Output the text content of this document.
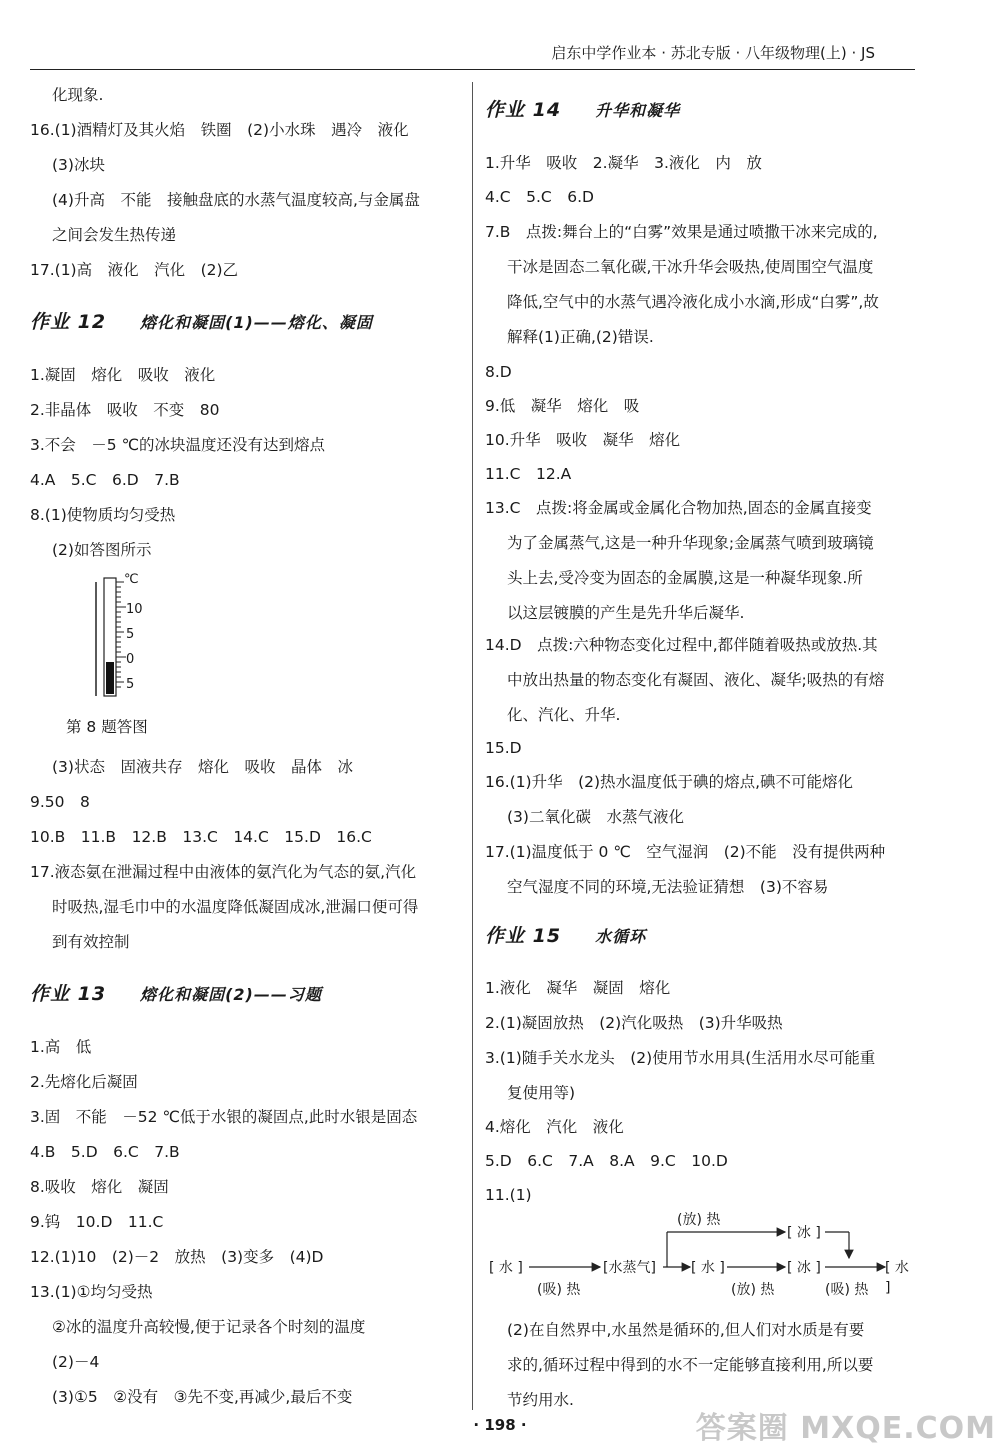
启东中学作业本 · 苏北专版 · 八年级物理(上) · JS
化现象.
16.(1)酒精灯及其火焰　铁圈　(2)小水珠　遇冷　液化
(3)冰块
(4)升高　不能　接触盘底的水蒸气温度较高,与金属盘
之间会发生热传递
17.(1)高　液化　汽化　(2)乙
作业 12　　 熔化和凝固(1)——熔化、凝固
1.凝固　熔化　吸收　液化
2.非晶体　吸收　不变　80
3.不会　－5 ℃的冰块温度还没有达到熔点
4.A　5.C　6.D　7.B
8.(1)使物质均匀受热
(2)如答图所示
℃
10
5
0
5
第 8 题答图
(3)状态　固液共存　熔化　吸收　晶体　冰
9.50　8
10.B　11.B　12.B　13.C　14.C　15.D　16.C
17.液态氨在泄漏过程中由液体的氨汽化为气态的氨,汽化
时吸热,湿毛巾中的水温度降低凝固成冰,泄漏口便可得
到有效控制
作业 13　　 熔化和凝固(2)——习题
1.高　低
2.先熔化后凝固
3.固　不能　－52 ℃低于水银的凝固点,此时水银是固态
4.B　5.D　6.C　7.B
8.吸收　熔化　凝固
9.钨　10.D　11.C
12.(1)10　(2)－2　放热　(3)变多　(4)D
13.(1)①均匀受热
②冰的温度升高较慢,便于记录各个时刻的温度
(2)－4
(3)①5　②没有　③先不变,再减少,最后不变
作业 14　　 升华和凝华
1.升华　吸收　2.凝华　3.液化　内　放
4.C　5.C　6.D
7.B　点拨:舞台上的“白雾”效果是通过喷撒干冰来完成的,
干冰是固态二氧化碳,干冰升华会吸热,使周围空气温度
降低,空气中的水蒸气遇冷液化成小水滴,形成“白雾”,故
解释(1)正确,(2)错误.
8.D
9.低　凝华　熔化　吸
10.升华　吸收　凝华　熔化
11.C　12.A
13.C　点拨:将金属或金属化合物加热,固态的金属直接变
为了金属蒸气,这是一种升华现象;金属蒸气喷到玻璃镜
头上去,受冷变为固态的金属膜,这是一种凝华现象.所
以这层镀膜的产生是先升华后凝华.
14.D　点拨:六种物态变化过程中,都伴随着吸热或放热.其
中放出热量的物态变化有凝固、液化、凝华;吸热的有熔
化、汽化、升华.
15.D
16.(1)升华　(2)热水温度低于碘的熔点,碘不可能熔化
(3)二氧化碳　水蒸气液化
17.(1)温度低于 0 ℃　空气湿润　(2)不能　没有提供两种
空气湿度不同的环境,无法验证猜想　(3)不容易
作业 15　　 水循环
1.液化　凝华　凝固　熔化
2.(1)凝固放热　(2)汽化吸热　(3)升华吸热
3.(1)随手关水龙头　(2)使用节水用具(生活用水尽可能重
复使用等)
4.熔化　汽化　液化
5.D　6.C　7.A　8.A　9.C　10.D
11.(1)
[ 水 ]
(吸) 热
[水蒸气]
(放) 热
[ 冰 ]
[ 水 ]
(放) 热
[ 冰 ]
(吸) 热
[ 水 ]
(2)在自然界中,水虽然是循环的,但人们对水质是有要
求的,循环过程中得到的水不一定能够直接利用,所以要
节约用水.
· 198 ·	答案圈 MXQE.COM
